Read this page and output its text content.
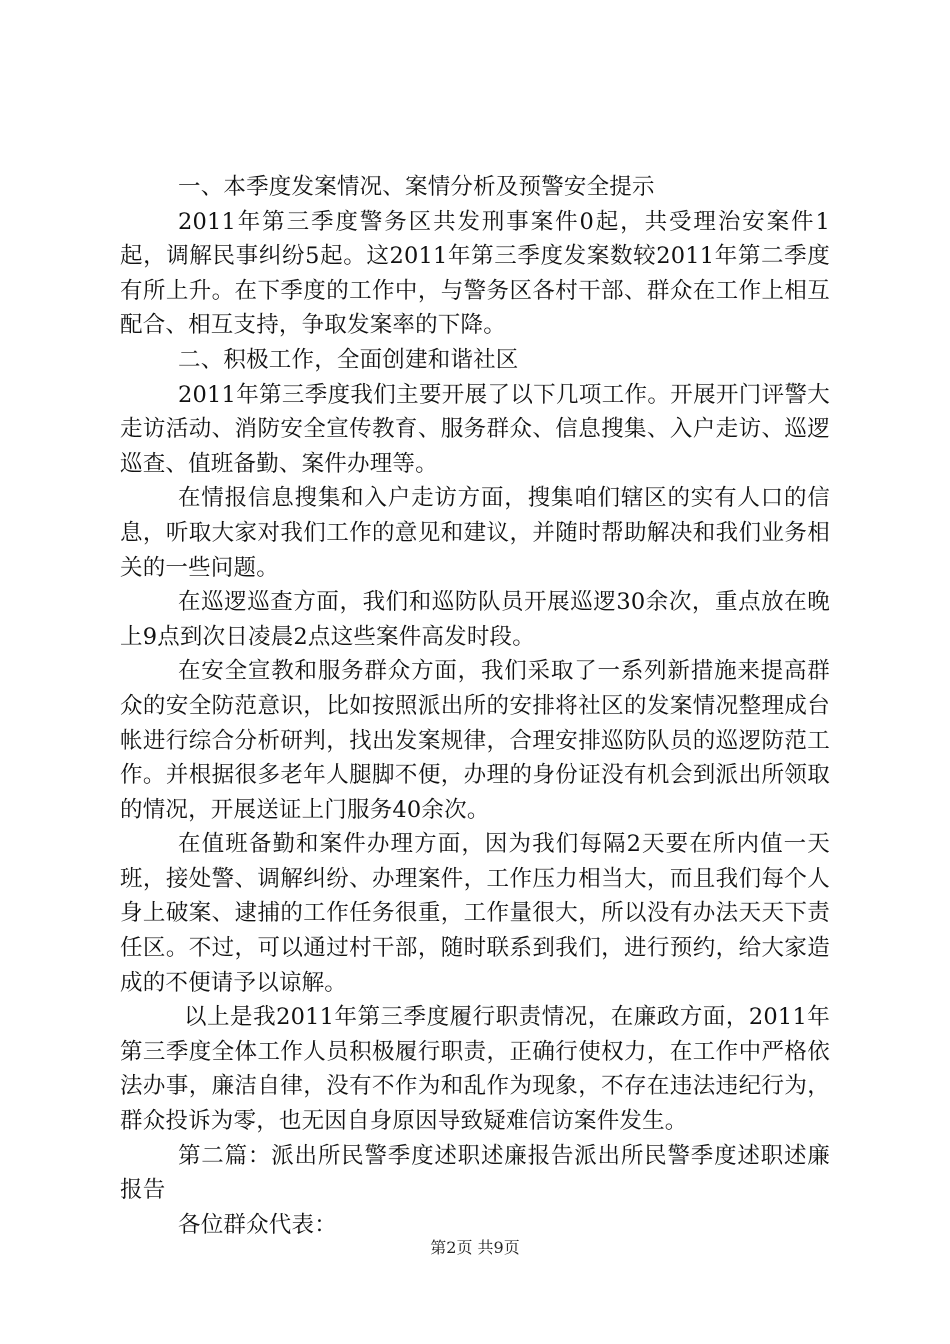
一、本季度发案情况、案情分析及预警安全提示

2011年第三季度警务区共发刑事案件0起，共受理治安案件1起，调解民事纠纷5起。这2011年第三季度发案数较2011年第二季度有所上升。在下季度的工作中，与警务区各村干部、群众在工作上相互配合、相互支持，争取发案率的下降。

二、积极工作，全面创建和谐社区

2011年第三季度我们主要开展了以下几项工作。开展开门评警大走访活动、消防安全宣传教育、服务群众、信息搜集、入户走访、巡逻巡查、值班备勤、案件办理等。

在情报信息搜集和入户走访方面，搜集咱们辖区的实有人口的信息，听取大家对我们工作的意见和建议，并随时帮助解决和我们业务相关的一些问题。

在巡逻巡查方面，我们和巡防队员开展巡逻30余次，重点放在晚上9点到次日凌晨2点这些案件高发时段。

在安全宣教和服务群众方面，我们采取了一系列新措施来提高群众的安全防范意识，比如按照派出所的安排将社区的发案情况整理成台帐进行综合分析研判，找出发案规律，合理安排巡防队员的巡逻防范工作。并根据很多老年人腿脚不便，办理的身份证没有机会到派出所领取的情况，开展送证上门服务40余次。

在值班备勤和案件办理方面，因为我们每隔2天要在所内值一天班，接处警、调解纠纷、办理案件，工作压力相当大，而且我们每个人身上破案、逮捕的工作任务很重，工作量很大，所以没有办法天天下责任区。不过，可以通过村干部，随时联系到我们，进行预约，给大家造成的不便请予以谅解。

以上是我2011年第三季度履行职责情况，在廉政方面，2011年第三季度全体工作人员积极履行职责，正确行使权力，在工作中严格依法办事，廉洁自律，没有不作为和乱作为现象，不存在违法违纪行为，群众投诉为零，也无因自身原因导致疑难信访案件发生。

第二篇：派出所民警季度述职述廉报告派出所民警季度述职述廉报告

各位群众代表：

第2页 共9页
